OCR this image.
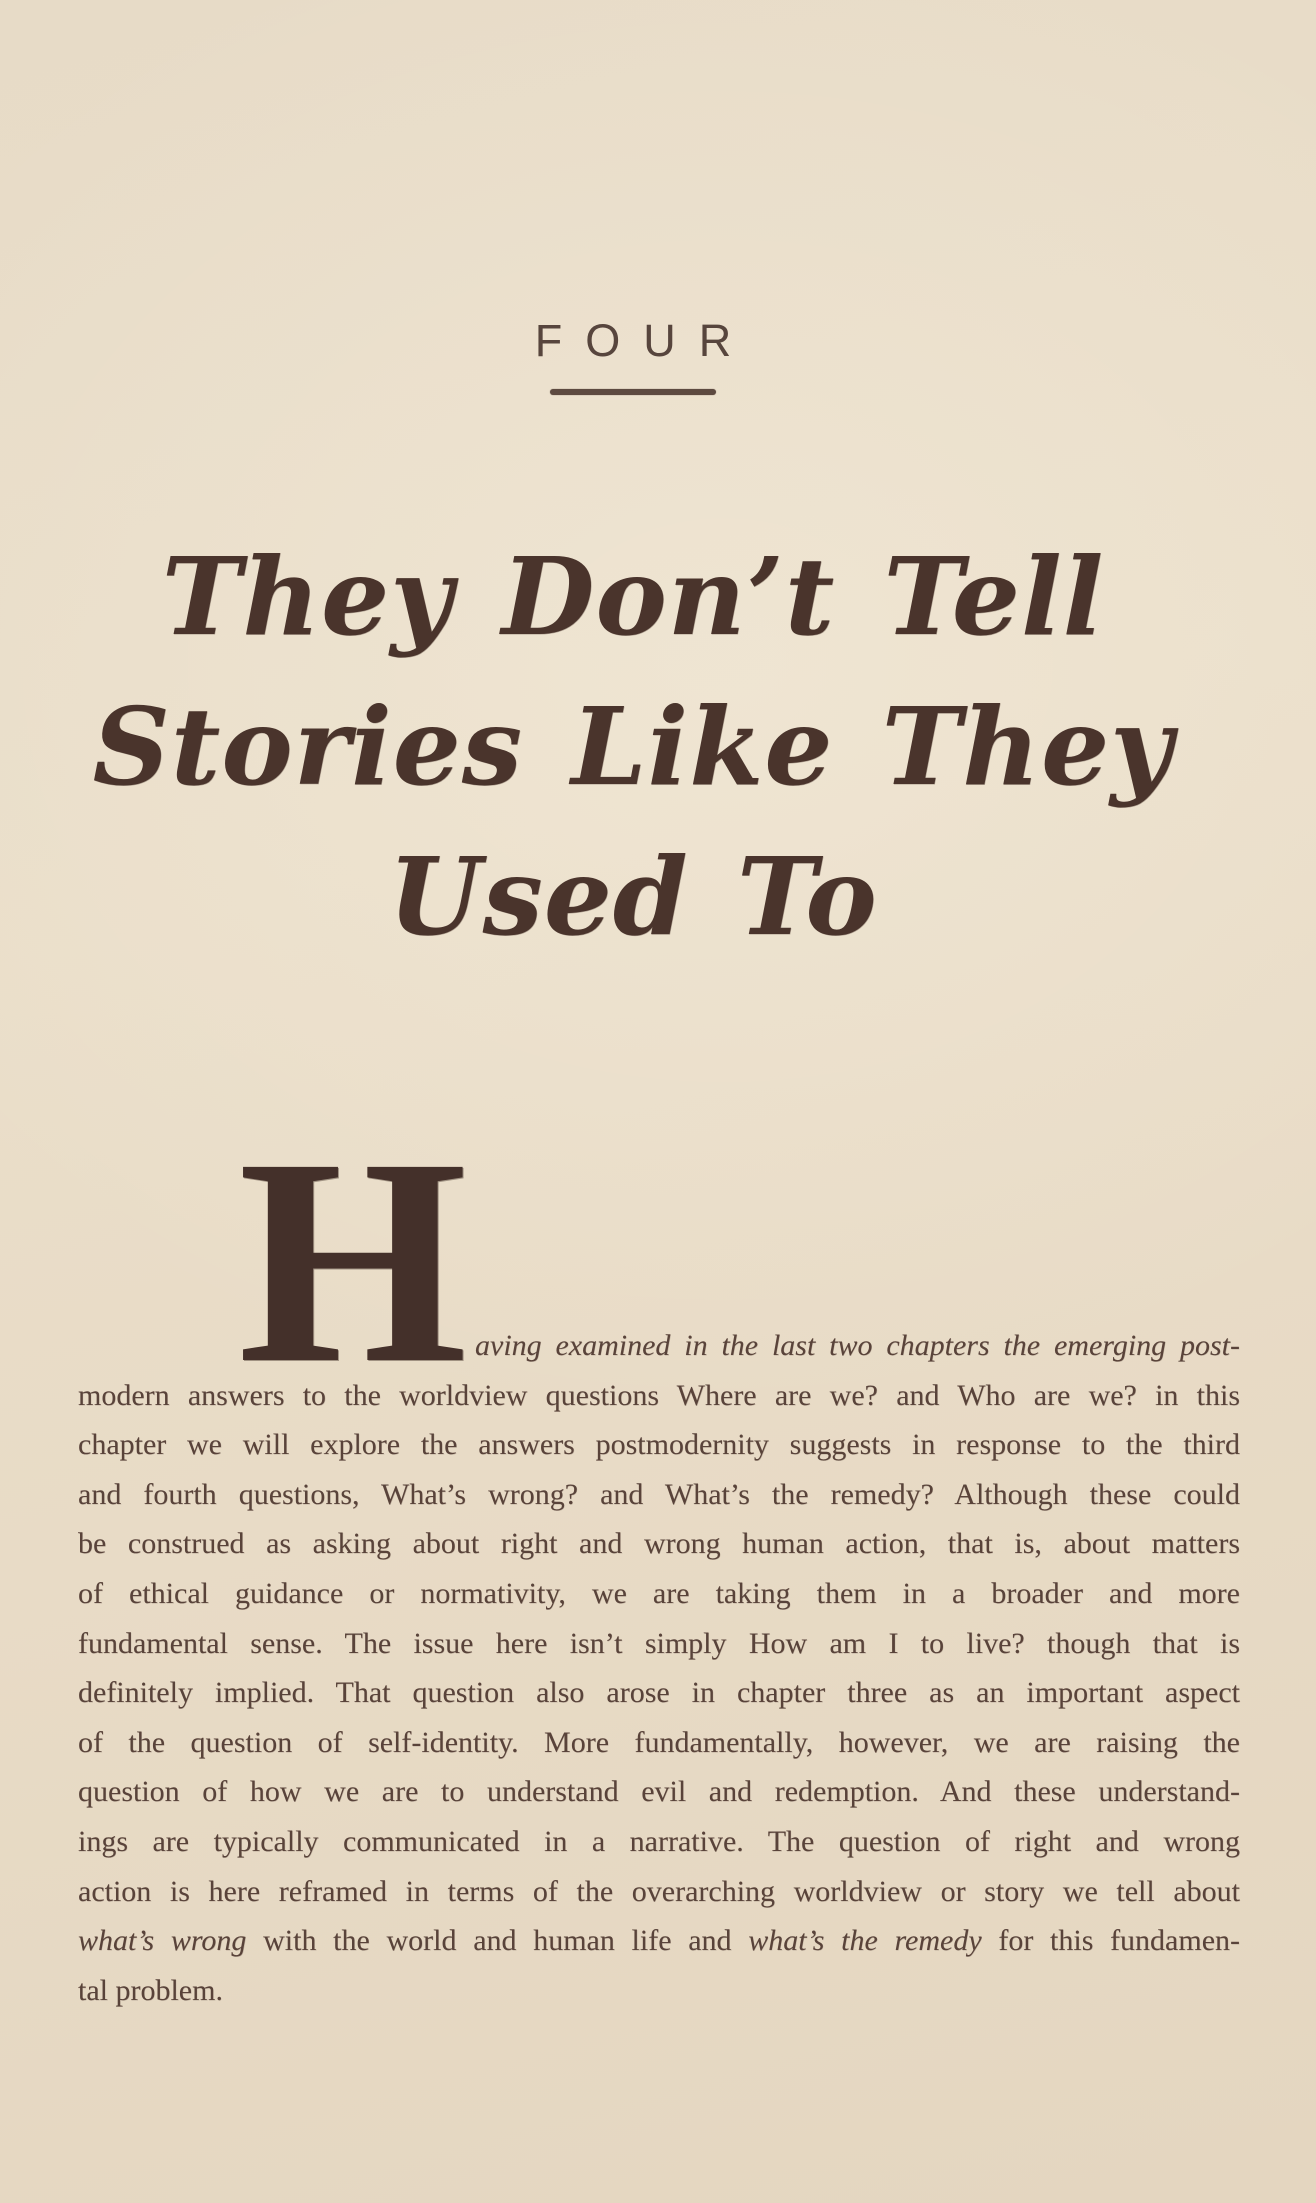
FOUR
They Don’t Tell
Stories Like They
Used To
H aving examined in the last two chapters the emerging post-
modern answers to the worldview questions Where are we? and Who are we? in this
chapter we will explore the answers postmodernity suggests in response to the third
and fourth questions, What’s wrong? and What’s the remedy? Although these could
be construed as asking about right and wrong human action, that is, about matters
of ethical guidance or normativity, we are taking them in a broader and more
fundamental sense. The issue here isn’t simply How am I to live? though that is
definitely implied. That question also arose in chapter three as an important aspect
of the question of self-identity. More fundamentally, however, we are raising the
question of how we are to understand evil and redemption. And these understand-
ings are typically communicated in a narrative. The question of right and wrong
action is here reframed in terms of the overarching worldview or story we tell about
what’s wrong with the world and human life and what’s the remedy for this fundamen-
tal problem.
